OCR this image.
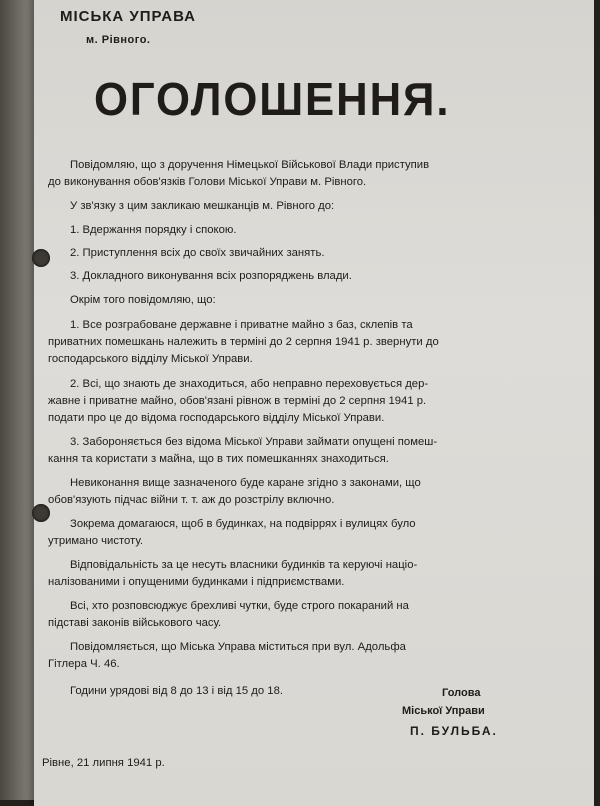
МІСЬКА УПРАВА
м. Рівного.
ОГОЛОШЕННЯ.
Повідомляю, що з доручення Німецької Військової Влади приступив
до виконування обов'язків Голови Міської Управи м. Рівного.
У зв'язку з цим закликаю мешканців м. Рівного до:
1. Вдержання порядку і спокою.
2. Приступлення всіх до своїх звичайних занять.
3. Докладного виконування всіх розпоряджень влади.
Окрім того повідомляю, що:
1. Все розграбоване державне і приватне майно з баз, склепів та
приватних помешкань належить в терміні до 2 серпня 1941 р. звернути до
господарського відділу Міської Управи.
2. Всі, що знають де знаходиться, або неправно переховується дер-
жавне і приватне майно, обов'язані рівнож в терміні до 2 серпня 1941 р.
подати про це до відома господарського відділу Міської Управи.
3. Забороняється без відома Міської Управи займати опущені помеш-
кання та користати з майна, що в тих помешканнях знаходиться.
Невиконання вище зазначеного буде каране згідно з законами, що
обов'язують підчас війни т. т. аж до розстрілу включно.
Зокрема домагаюся, щоб в будинках, на подвіррях і вулицях було
утримано чистоту.
Відповідальність за це несуть власники будинків та керуючі націо-
налізованими і опущеними будинками і підприємствами.
Всі, хто розповсюджує брехливі чутки, буде строго покараний на
підставі законів військового часу.
Повідомляється, що Міська Управа міститься при вул. Адольфа
Гітлера Ч. 46.
Години урядові від 8 до 13 і від 15 до 18.	Голова
Міської Управи
П. БУЛЬБА.
Рівне, 21 липня 1941 р.
